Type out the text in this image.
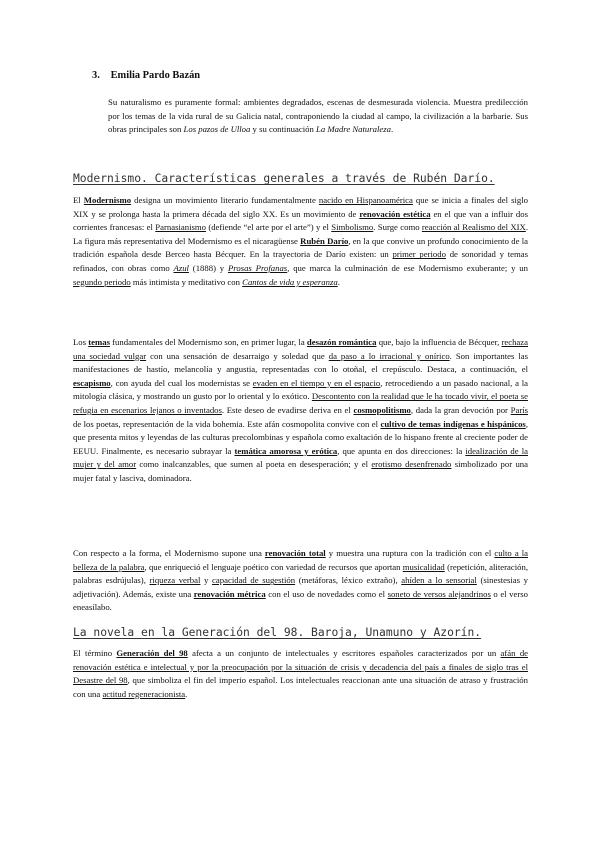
3. Emilia Pardo Bazán

Su naturalismo es puramente formal: ambientes degradados, escenas de desmesurada violencia. Muestra predilección por los temas de la vida rural de su Galicia natal, contraponiendo la ciudad al campo, la civilización a la barbarie. Sus obras principales son Los pazos de Ulloa y su continuación La Madre Naturaleza.

Modernismo. Características generales a través de Rubén Darío.

El Modernismo designa un movimiento literario fundamentalmente nacido en Hispanoamérica que se inicia a finales del siglo XIX y se prolonga hasta la primera década del siglo XX. Es un movimiento de renovación estética en el que van a influir dos corrientes francesas: el Parnasianismo (defiende “el arte por el arte”) y el Simbolismo. Surge como reacción al Realismo del XIX. La figura más representativa del Modernismo es el nicaragüense Rubén Darío, en la que convive un profundo conocimiento de la tradición española desde Berceo hasta Bécquer. En la trayectoria de Darío existen: un primer periodo de sonoridad y temas refinados, con obras como Azul (1888) y Prosas Profanas, que marca la culminación de ese Modernismo exuberante; y un segundo periodo más intimista y meditativo con Cantos de vida y esperanza.

Los temas fundamentales del Modernismo son, en primer lugar, la desazón romántica que, bajo la influencia de Bécquer, rechaza una sociedad vulgar con una sensación de desarraigo y soledad que da paso a lo irracional y onírico. Son importantes las manifestaciones de hastío, melancolía y angustia, representadas con lo otoñal, el crepúsculo. Destaca, a continuación, el escapismo, con ayuda del cual los modernistas se evaden en el tiempo y en el espacio, retrocediendo a un pasado nacional, a la mitología clásica, y mostrando un gusto por lo oriental y lo exótico. Descontento con la realidad que le ha tocado vivir, el poeta se refugia en escenarios lejanos o inventados. Este deseo de evadirse deriva en el cosmopolitismo, dada la gran devoción por París de los poetas, representación de la vida bohemia. Este afán cosmopolita convive con el cultivo de temas indígenas e hispánicos, que presenta mitos y leyendas de las culturas precolombinas y española como exaltación de lo hispano frente al creciente poder de EEUU. Finalmente, es necesario subrayar la temática amorosa y erótica, que apunta en dos direcciones: la idealización de la mujer y del amor como inalcanzables, que sumen al poeta en desesperación; y el erotismo desenfrenado simbolizado por una mujer fatal y lasciva, dominadora.

Con respecto a la forma, el Modernismo supone una renovación total y muestra una ruptura con la tradición con el culto a la belleza de la palabra, que enriqueció el lenguaje poético con variedad de recursos que aportan musicalidad (repetición, aliteración, palabras esdrújulas), riqueza verbal y capacidad de sugestión (metáforas, léxico extraño), ahíden a lo sensorial (sinestesias y adjetivación). Además, existe una renovación métrica con el uso de novedades como el soneto de versos alejandrinos o el verso eneasílabo.

La novela en la Generación del 98. Baroja, Unamuno y Azorín.

El término Generación del 98 afecta a un conjunto de intelectuales y escritores españoles caracterizados por un afán de renovación estética e intelectual y por la preocupación por la situación de crisis y decadencia del país a finales de siglo tras el Desastre del 98, que simboliza el fin del imperio español. Los intelectuales reaccionan ante una situación de atraso y frustración con una actitud regeneracionista.
